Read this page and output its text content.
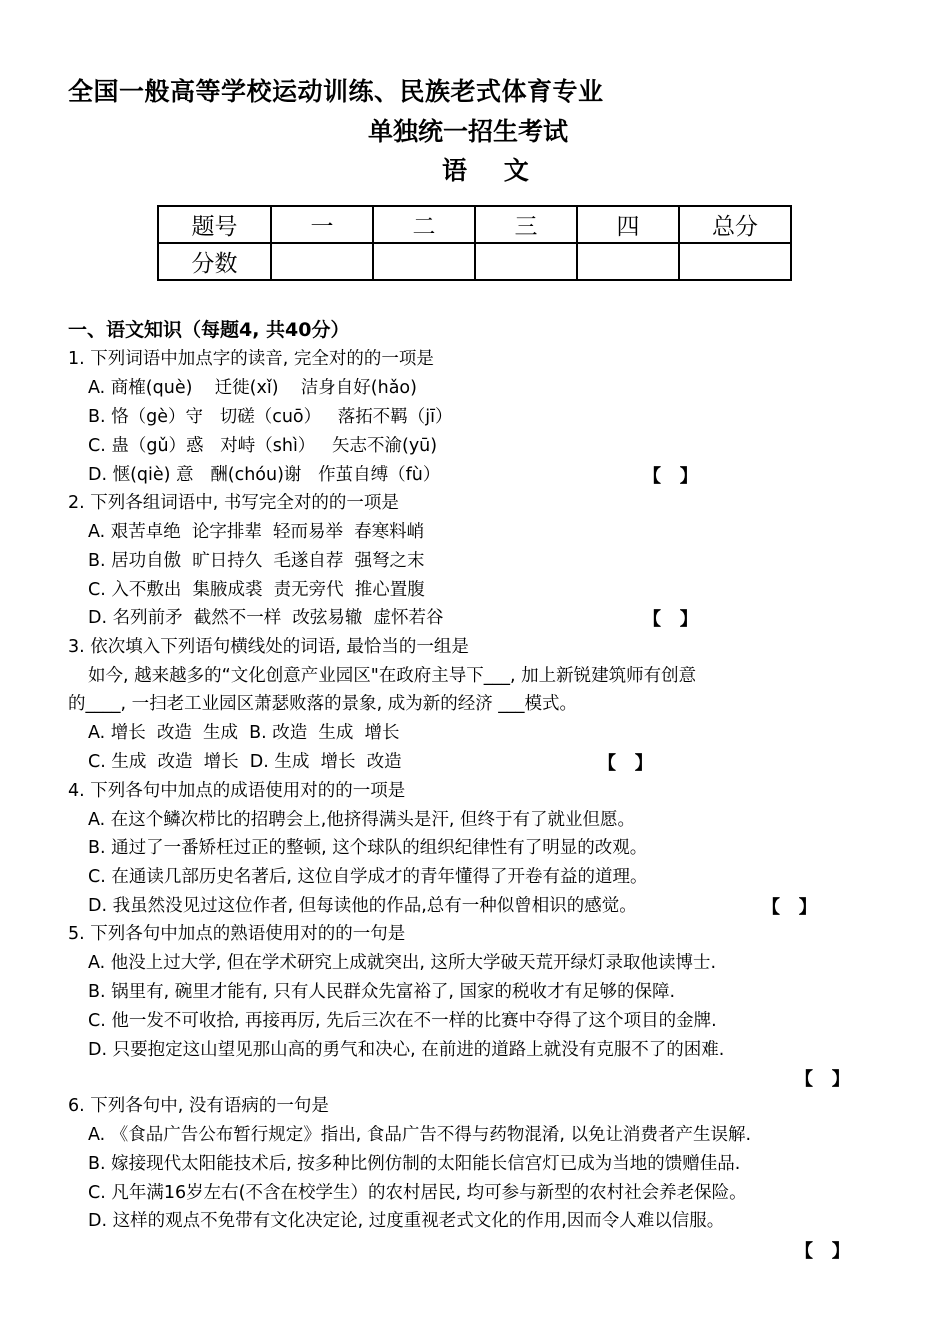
全国一般高等学校运动训练、民族老式体育专业
单独统一招生考试
语 文
题号	一	二	三	四	总分
分数					
一、语文知识（每题4, 共40分）
1. 下列词语中加点字的读音, 完全对的的一项是
A. 商榷(què)    迁徙(xǐ)    洁身自好(hǎo)
B. 恪（gè）守   切磋（cuō）   落拓不羁（jī）
C. 蛊（gǔ）惑   对峙（shì）   矢志不渝(yū)
D. 惬(qiè) 意   酬(chóu)谢   作茧自缚（fù）	【   】
2. 下列各组词语中, 书写完全对的的一项是
A. 艰苦卓绝  论字排辈  轻而易举  春寒料峭
B. 居功自傲  旷日持久  毛遂自荐  强弩之末
C. 入不敷出  集腋成裘  责无旁代  推心置腹
D. 名列前矛  截然不一样  改弦易辙  虚怀若谷	【   】
3. 依次填入下列语句横线处的词语, 最恰当的一组是
如今, 越来越多的“文化创意产业园区"在政府主导下___, 加上新锐建筑师有创意
的____, 一扫老工业园区萧瑟败落的景象, 成为新的经济 ___模式。
A. 增长  改造  生成  B. 改造  生成  增长
C. 生成  改造  增长  D. 生成  增长  改造	【   】
4. 下列各句中加点的成语使用对的的一项是
A. 在这个鳞次栉比的招聘会上,他挤得满头是汗, 但终于有了就业但愿。
B. 通过了一番矫枉过正的整顿, 这个球队的组织纪律性有了明显的改观。
C. 在通读几部历史名著后, 这位自学成才的青年懂得了开卷有益的道理。
D. 我虽然没见过这位作者, 但每读他的作品,总有一种似曾相识的感觉。	【   】
5. 下列各句中加点的熟语使用对的的一句是
A. 他没上过大学, 但在学术研究上成就突出, 这所大学破天荒开绿灯录取他读博士.
B. 锅里有, 碗里才能有, 只有人民群众先富裕了, 国家的税收才有足够的保障.
C. 他一发不可收拾, 再接再厉, 先后三次在不一样的比赛中夺得了这个项目的金牌.
D. 只要抱定这山望见那山高的勇气和决心, 在前进的道路上就没有克服不了的困难.
【   】
6. 下列各句中, 没有语病的一句是
A. 《食品广告公布暂行规定》指出, 食品广告不得与药物混淆, 以免让消费者产生误解.
B. 嫁接现代太阳能技术后, 按多种比例仿制的太阳能长信宫灯已成为当地的馈赠佳品.
C. 凡年满16岁左右(不含在校学生）的农村居民, 均可参与新型的农村社会养老保险。
D. 这样的观点不免带有文化决定论, 过度重视老式文化的作用,因而令人难以信服。
【   】
